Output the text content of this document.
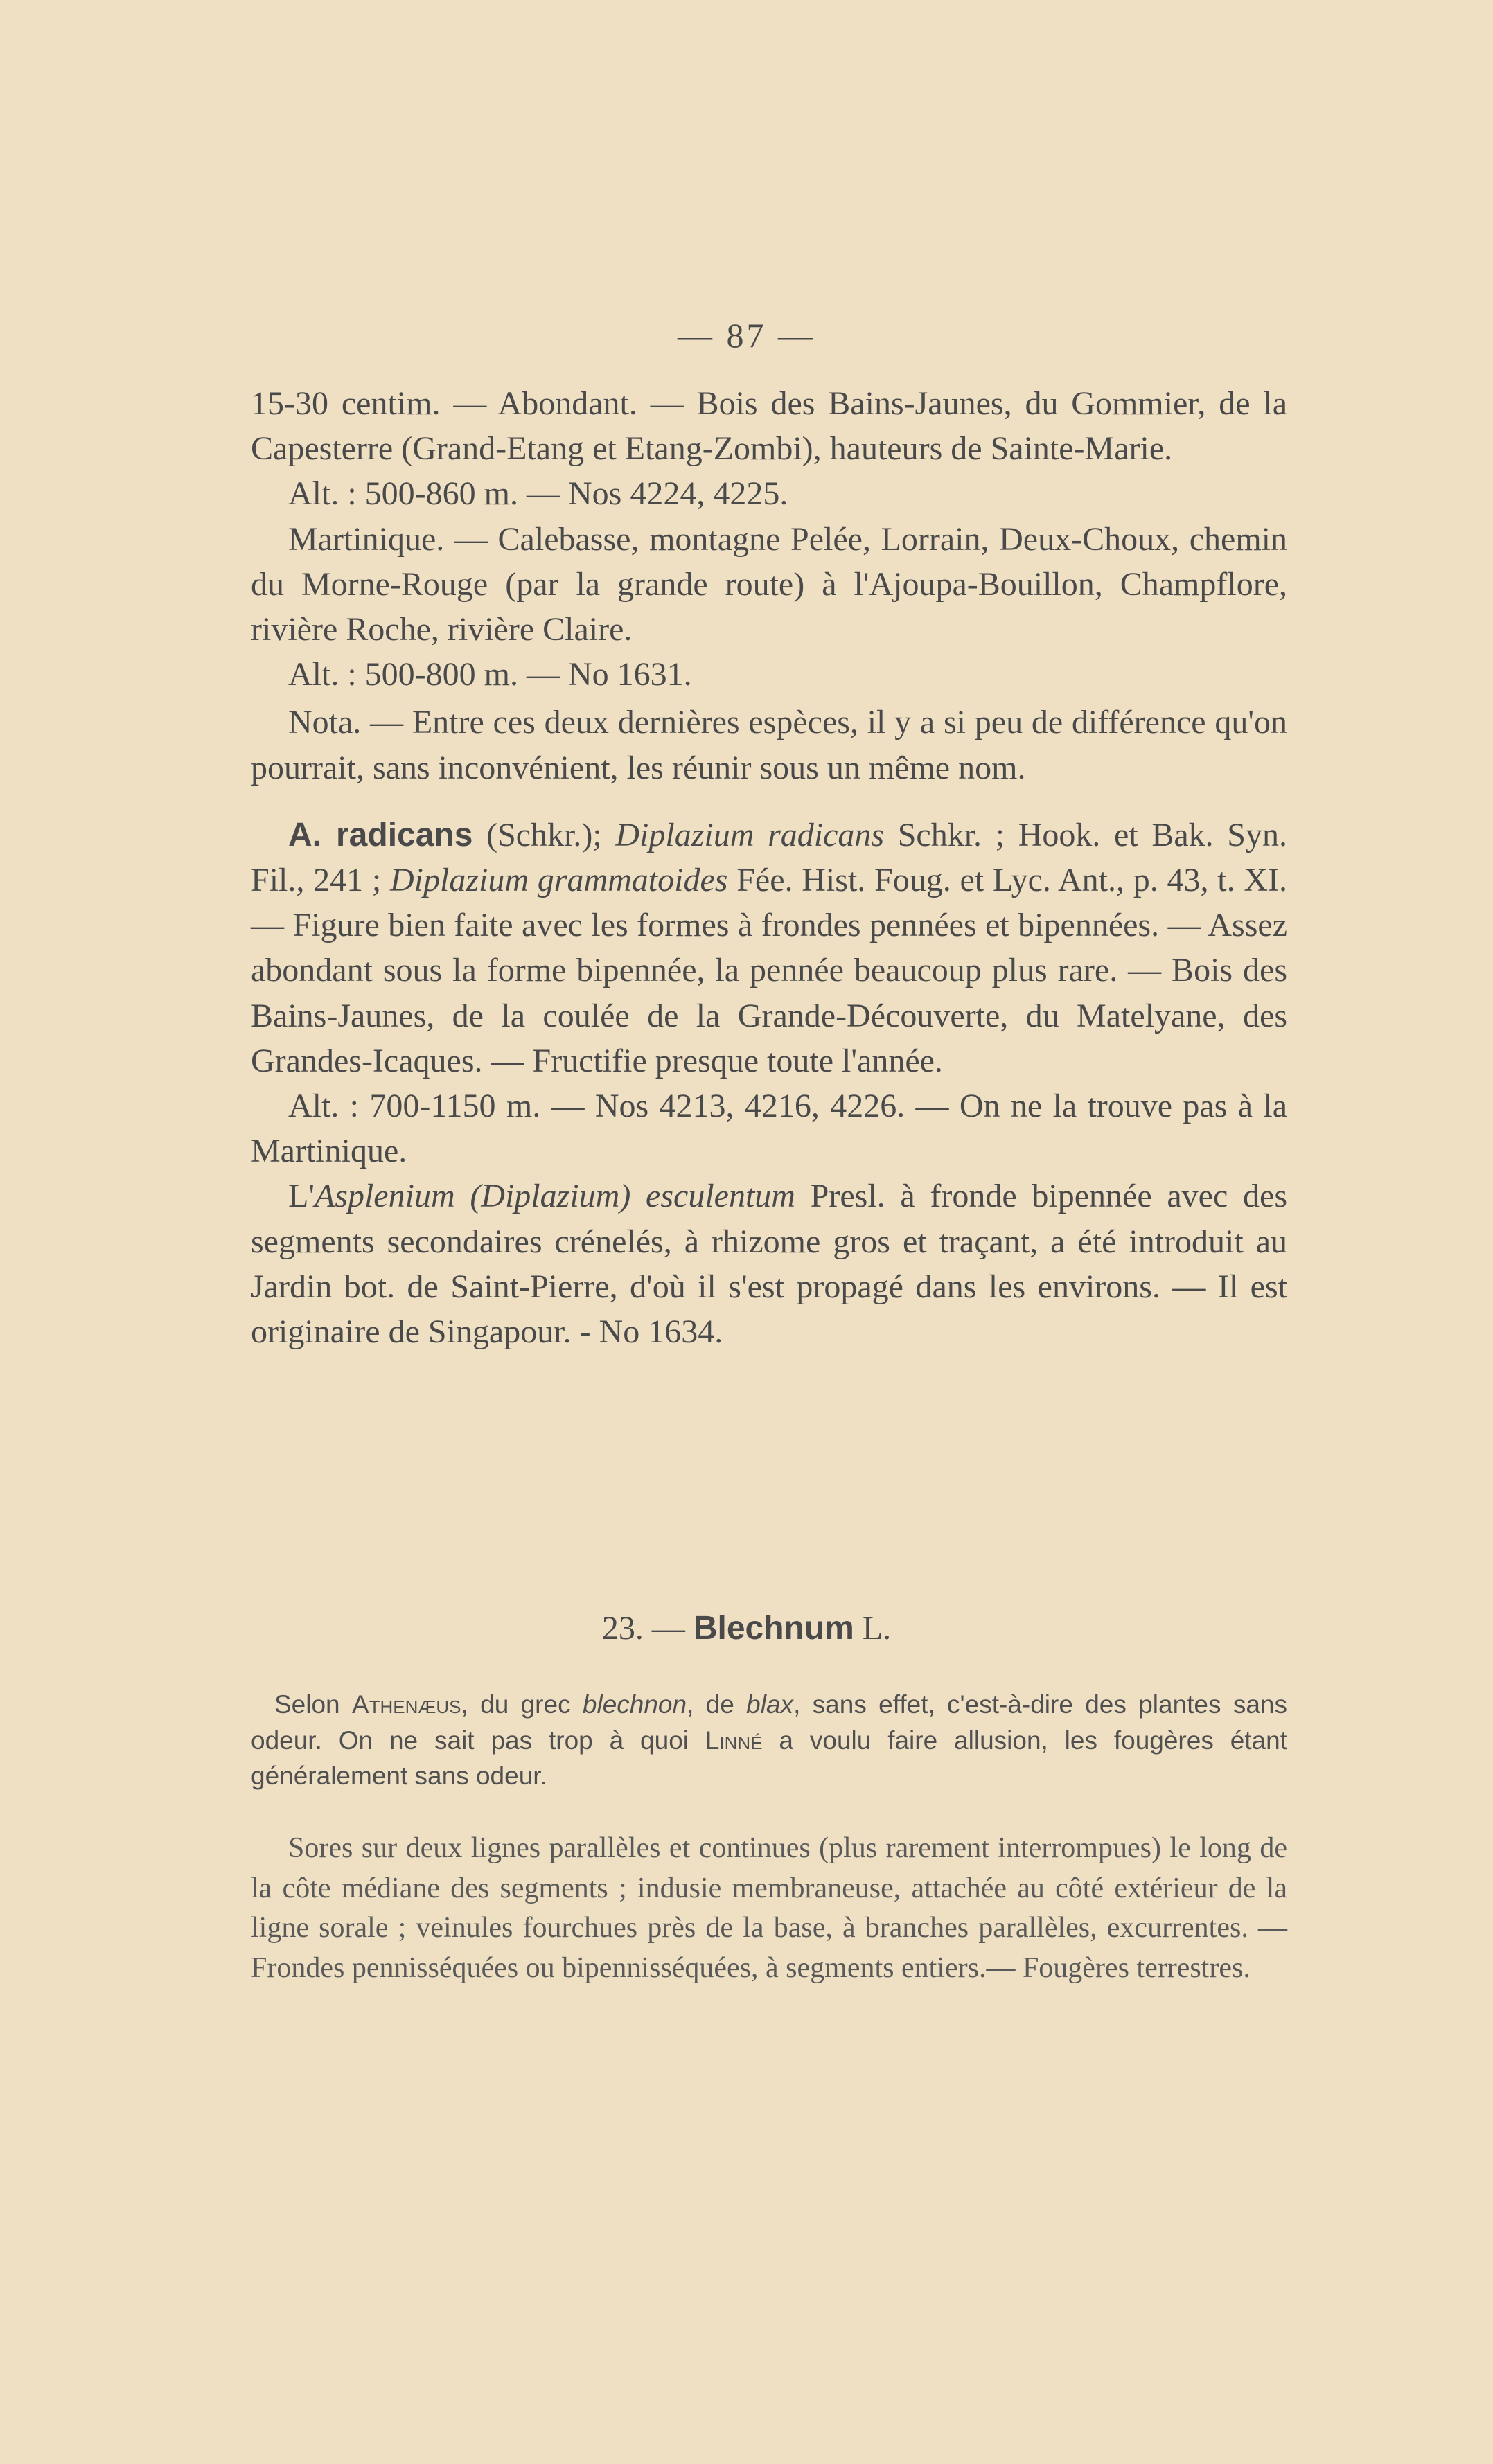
— 87 —

15-30 centim. — Abondant. — Bois des Bains-Jaunes, du Gommier, de la Capesterre (Grand-Etang et Etang-Zombi), hauteurs de Sainte-Marie.

Alt. : 500-860 m. — Nos 4224, 4225.

Martinique. — Calebasse, montagne Pelée, Lorrain, Deux-Choux, chemin du Morne-Rouge (par la grande route) à l'Ajoupa-Bouillon, Champflore, rivière Roche, rivière Claire.

Alt. : 500-800 m. — No 1631.

Nota. — Entre ces deux dernières espèces, il y a si peu de différence qu'on pourrait, sans inconvénient, les réunir sous un même nom.

A. radicans (Schkr.); Diplazium radicans Schkr. ; Hook. et Bak. Syn. Fil., 241 ; Diplazium grammatoides Fée. Hist. Foug. et Lyc. Ant., p. 43, t. XI. — Figure bien faite avec les formes à frondes pennées et bipennées. — Assez abondant sous la forme bipennée, la pennée beaucoup plus rare. — Bois des Bains-Jaunes, de la coulée de la Grande-Découverte, du Matelyane, des Grandes-Icaques. — Fructifie presque toute l'année.

Alt. : 700-1150 m. — Nos 4213, 4216, 4226. — On ne la trouve pas à la Martinique.

L'Asplenium (Diplazium) esculentum Presl. à fronde bipennée avec des segments secondaires crénelés, à rhizome gros et traçant, a été introduit au Jardin bot. de Saint-Pierre, d'où il s'est propagé dans les environs. — Il est originaire de Singapour. - No 1634.

23. — Blechnum L.
Selon Athenæus, du grec blechnon, de blax, sans effet, c'est-à-dire des plantes sans odeur. On ne sait pas trop à quoi Linné a voulu faire allusion, les fougères étant généralement sans odeur.

Sores sur deux lignes parallèles et continues (plus rarement interrompues) le long de la côte médiane des segments ; indusie membraneuse, attachée au côté extérieur de la ligne sorale ; veinules fourchues près de la base, à branches parallèles, excurrentes. — Frondes pennisséquées ou bipennisséquées, à segments entiers.— Fougères terrestres.
